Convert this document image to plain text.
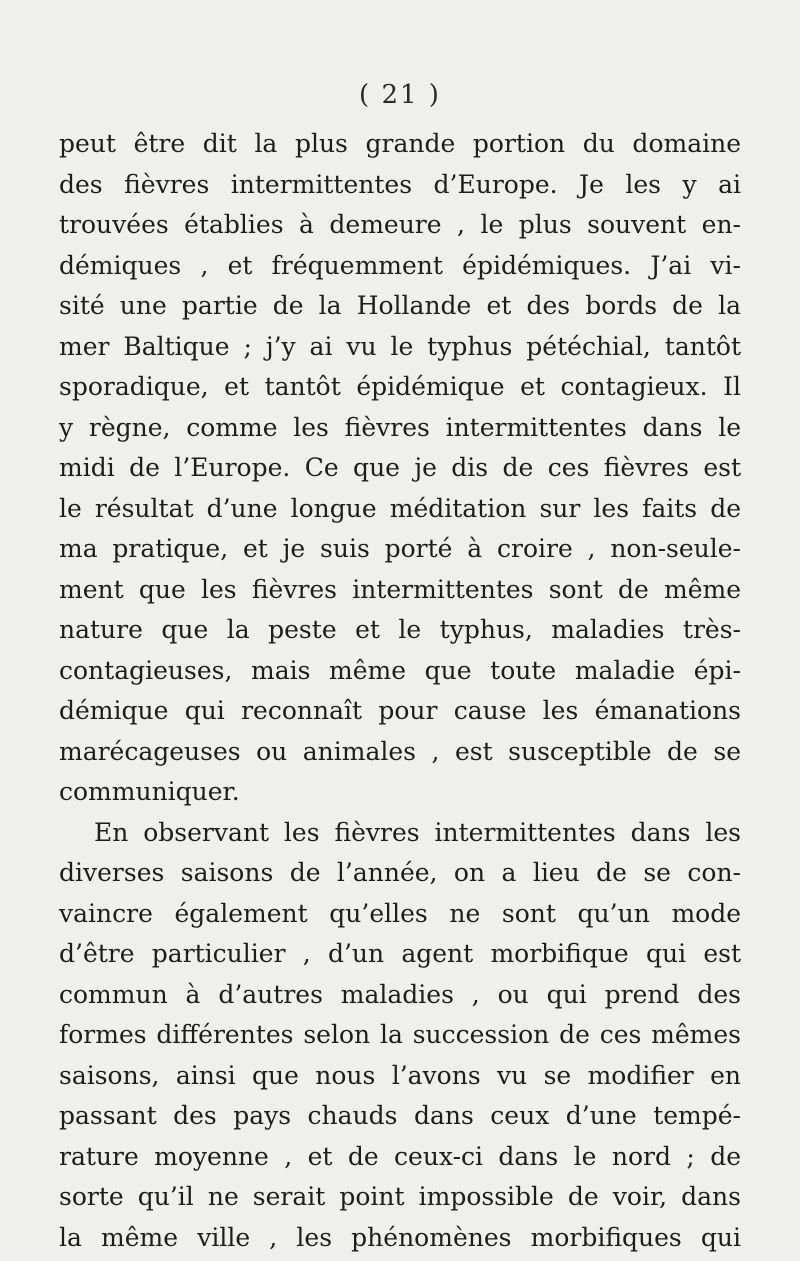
( 21 )
peut être dit la plus grande portion du domaine
des fièvres intermittentes d’Europe. Je les y ai
trouvées établies à demeure , le plus souvent en-
démiques , et fréquemment épidémiques. J’ai vi-
sité une partie de la Hollande et des bords de la
mer Baltique ; j’y ai vu le typhus pétéchial, tantôt
sporadique, et tantôt épidémique et contagieux. Il
y règne, comme les fièvres intermittentes dans le
midi de l’Europe. Ce que je dis de ces fièvres est
le résultat d’une longue méditation sur les faits de
ma pratique, et je suis porté à croire , non-seule-
ment que les fièvres intermittentes sont de même
nature que la peste et le typhus, maladies très-
contagieuses, mais même que toute maladie épi-
démique qui reconnaît pour cause les émanations
marécageuses ou animales , est susceptible de se
communiquer.
En observant les fièvres intermittentes dans les
diverses saisons de l’année, on a lieu de se con-
vaincre également qu’elles ne sont qu’un mode
d’être particulier , d’un agent morbifique qui est
commun à d’autres maladies , ou qui prend des
formes différentes selon la succession de ces mêmes
saisons, ainsi que nous l’avons vu se modifier en
passant des pays chauds dans ceux d’une tempé-
rature moyenne , et de ceux-ci dans le nord ; de
sorte qu’il ne serait point impossible de voir, dans
la même ville , les phénomènes morbifiques qui
